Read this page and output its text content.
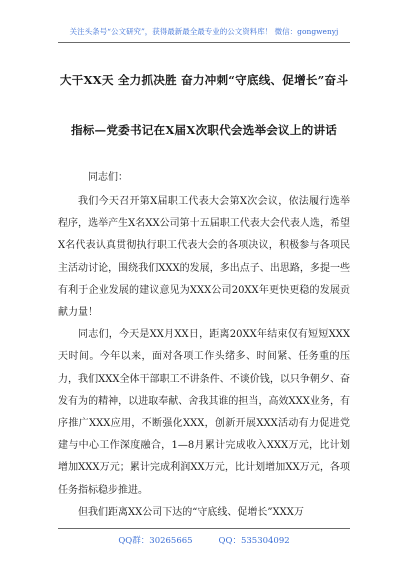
关注头条号“公文研究”，获得最新最全最专业的公文资料库！ 微信：gongwenyj
大干XX天 全力抓决胜 奋力冲刺“守底线、促增长”奋斗
指标—党委书记在X届X次职代会选举会议上的讲话
同志们：

我们今天召开第X届职工代表大会第X次会议，依法履行选举程序，选举产生X名XX公司第十五届职工代表大会代表人选，希望X名代表认真贯彻执行职工代表大会的各项决议，积极参与各项民主活动讨论，围绕我们XXX的发展，多出点子、出思路，多提一些有利于企业发展的建议意见为XXX公司20XX年更快更稳的发展贡献力量！

同志们，今天是XX月XX日，距离20XX年结束仅有短短XXX天时间。今年以来，面对各项工作头绪多、时间紧、任务重的压力，我们XXX全体干部职工不讲条件、不谈价钱，以只争朝夕、奋发有为的精神，以进取奉献、舍我其谁的担当，高效XXX业务，有序推广XXX应用，不断强化XXX，创新开展XXX活动有力促进党建与中心工作深度融合，1—8月累计完成收入XXX万元，比计划增加XXX万元；累计完成利润XX万元，比计划增加XX万元，各项任务指标稳步推进。

但我们距离XX公司下达的“守底线、促增长”XXX万

QQ群：30265665	QQ：535304092
